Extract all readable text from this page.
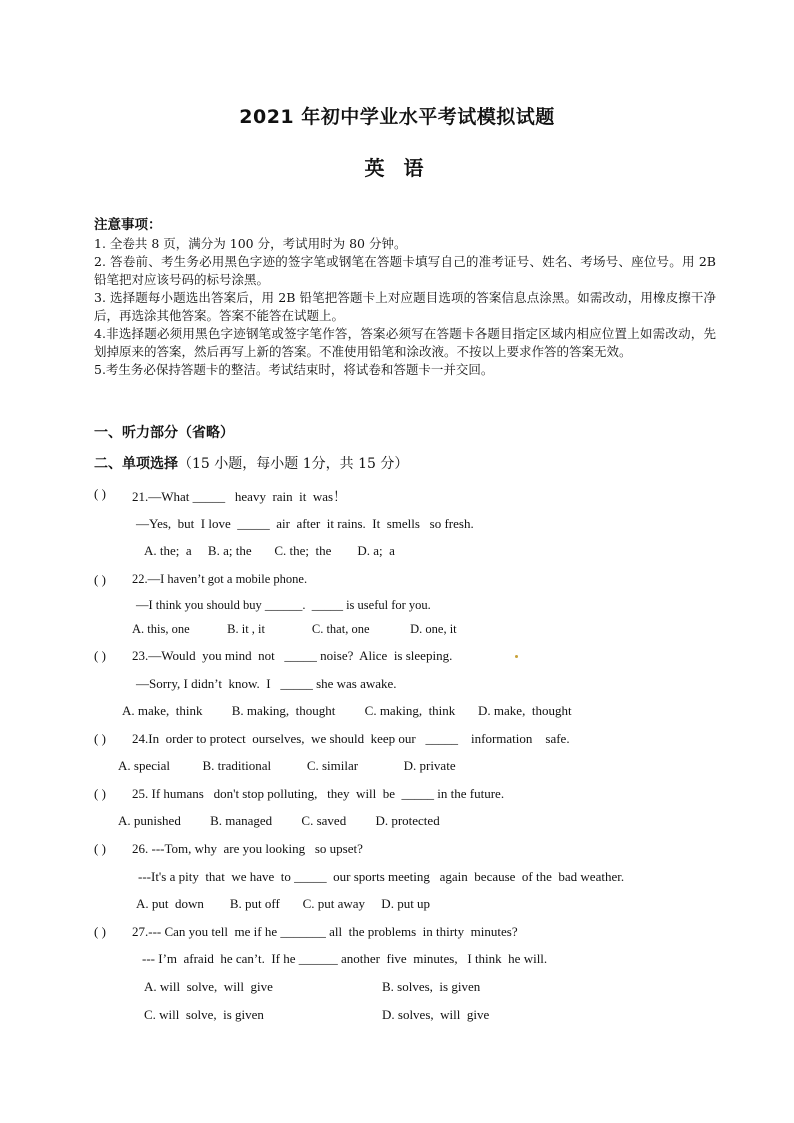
2021 年初中学业水平考试模拟试题
英 语
注意事项：

1. 全卷共 8 页，满分为 100 分，考试用时为 80 分钟。

2. 答卷前、考生务必用黑色字迹的签字笔或钢笔在答题卡填写自己的准考证号、姓名、考场号、座位号。用 2B 铅笔把对应该号码的标号涂黑。

3. 选择题每小题选出答案后，用 2B 铅笔把答题卡上对应题目选项的答案信息点涂黑。如需改动，用橡皮擦干净后，再选涂其他答案。答案不能答在试题上。

4.非选择题必须用黑色字迹钢笔或签字笔作答，答案必须写在答题卡各题目指定区域内相应位置上如需改动，先划掉原来的答案，然后再写上新的答案。不准使用铅笔和涂改液。不按以上要求作答的答案无效。

5.考生务必保持答题卡的整洁。考试结束时，将试卷和答题卡一并交回。

一、听力部分（省略）
二、单项选择（15 小题，每小题 1分，共 15 分）
( ) 21.—What _____   heavy  rain  it  was！
—Yes,  but  I love  _____  air  after  it rains.  It  smells   so fresh.
A. the;  a     B. a; the       C. the;  the        D. a;  a
( ) 22.—I haven’t got a mobile phone.
—I think you should buy ______.  _____ is useful for you.
A. this, one            B. it , it               C. that, one             D. one, it
( ) 23.—Would  you mind  not   _____ noise?  Alice  is sleeping.
—Sorry, I didn’t  know.  I   _____ she was awake.
A. make,  think         B. making,  thought         C. making,  think       D. make,  thought
( ) 24.In  order to protect  ourselves,  we should  keep our   _____    information    safe.
A. special          B. traditional           C. similar              D. private
( ) 25. If humans   don't stop polluting,   they  will  be  _____ in the future.
A. punished         B. managed         C. saved         D. protected
( ) 26. ---Tom, why  are you looking   so upset?
---It's a pity  that  we have  to _____  our sports meeting   again  because  of the  bad weather.
A. put  down        B. put off       C. put away     D. put up
( ) 27.--- Can you tell  me if he _______ all  the problems  in thirty  minutes?
--- I’m  afraid  he can’t.  If he ______ another  five  minutes,   I think  he will.
A. will  solve,  will  give	B. solves,  is given
C. will  solve,  is given	D. solves,  will  give
